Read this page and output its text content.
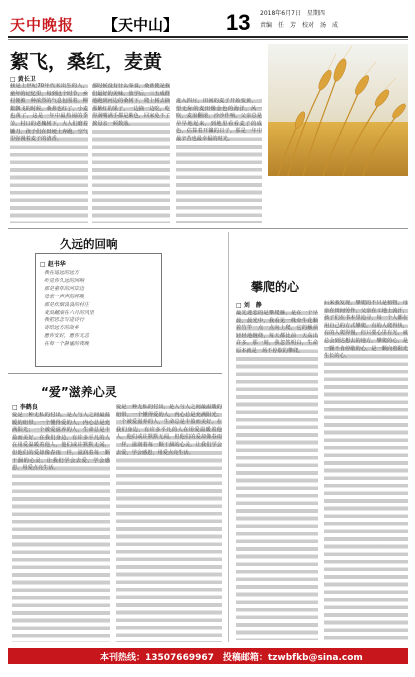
天中晚报 【天中山】 13 2018年6月7日　星期四
责编　任　芳　校对　汤　成
絮飞，桑红，麦黄
□ 黄长卫
我是上世纪70年代末出生的人，童年的记忆里，每到这个时节，乡村便被一种浓烈的气息包围着。柳絮飘飞的时候，桑葚也红了，小麦也黄了，这是一年中最热闹的季节。村口的老槐树下，大人们磨着镰刀，孩子们在田埂上奔跑，空气里弥漫着麦子的清香。
那时候没有什么零食，桑葚便是我们最好的美味。放学后，三五成群地跑到河边的桑树下，爬上树去摘那紫红的果子，一边摘一边吃，吃得满嘴满手都是紫色，回家免不了挨母亲一顿数落。
进入四月，田间的麦子开始变黄，一望无际的麦田像金色的海洋，风一吹，麦浪翻滚，沙沙作响。父亲总是早早地起来，到地里看看麦子的成色，估算着开镰的日子。那是一年中最辛苦也最幸福的时光。
久远的回响
□ 赵书华
我在遥远的远方
听见你久远的回响
那是童年的河岸边
母亲一声声的呼唤
那是炊烟袅袅的村庄
麦浪翻滚在六月的风里
我把思念写进诗行
寄给远方的故乡
愿你安好，愿你无恙
在每一个静谧的夜晚
攀爬的心
□ 刘　静
最先迷恋的是攀爬藤，是在一个早晨，晨光中，我看见一株牵牛花顺着竹竿一点一点向上爬，它的触须轻轻地缠绕，每天都比前一天高出许多。那一刻，我忽然明白，生命原本就是一场不停歇的攀爬。
后来我发现，攀爬的不只是植物。母亲在田间劳作，父亲在工地上流汗，孩子们在书本里追寻，每一个人都在用自己的方式攀爬。有的人爬得快，有的人爬得慢，但只要心里有光，就总会到达想去的地方。攀爬的心，是一颗不肯停歇的心，是一颗向着阳光生长的心。
“爱”滋养心灵
□ 李鹤良
爱是一种无私的付出，是人与人之间最温暖的纽带。一个懂得爱的人，内心总是充满阳光；一个被爱滋养的人，生命总是丰盈而美好。在我们身边，有许多平凡的人在用爱温暖着他人，他们或许默默无闻，但他们的爱却像春雨一样，滋润着每一颗干涸的心灵。让我们学会去爱，学会感恩，用爱点亮生活。
爱是一种无私的付出，是人与人之间最温暖的纽带。一个懂得爱的人，内心总是充满阳光；一个被爱滋养的人，生命总是丰盈而美好。在我们身边，有许多平凡的人在用爱温暖着他人，他们或许默默无闻，但他们的爱却像春雨一样，滋润着每一颗干涸的心灵。让我们学会去爱，学会感恩，用爱点亮生活。
本刊热线：13507669967　投稿邮箱：tzwbfkb@sina.com
